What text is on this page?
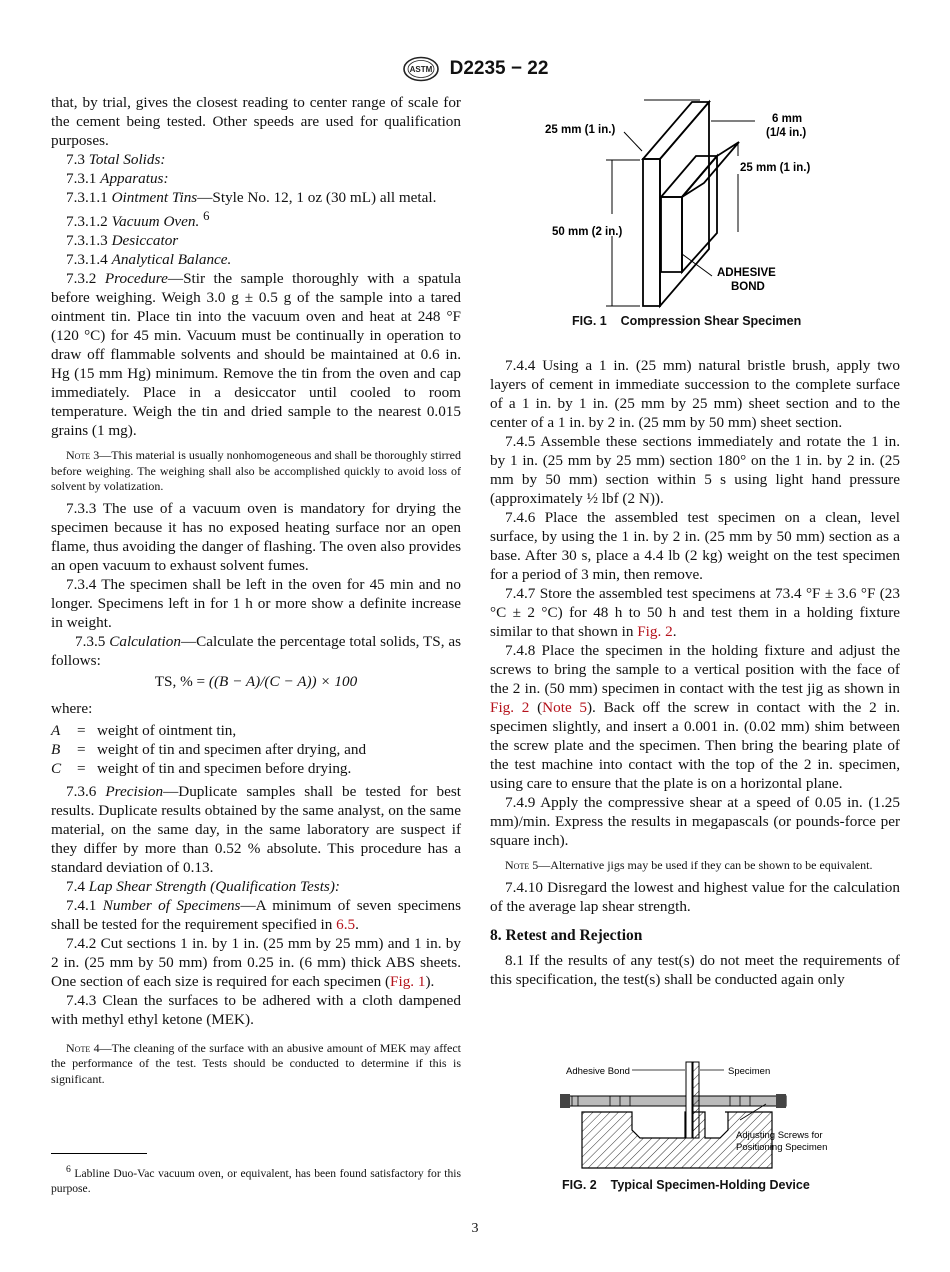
ASTM D2235 − 22

that, by trial, gives the closest reading to center range of scale for the cement being tested. Other speeds are used for qualification purposes.

7.3 Total Solids:

7.3.1 Apparatus:

7.3.1.1 Ointment Tins—Style No. 12, 1 oz (30 mL) all metal.

7.3.1.2 Vacuum Oven. $^6$

7.3.1.3 Desiccator

7.3.1.4 Analytical Balance.

7.3.2 Procedure—Stir the sample thoroughly with a spatula before weighing. Weigh 3.0 g ± 0.5 g of the sample into a tared ointment tin. Place tin into the vacuum oven and heat at 248 °F (120 °C) for 45 min. Vacuum must be continually in operation to draw off flammable solvents and should be maintained at 0.6 in. Hg (15 mm Hg) minimum. Remove the tin from the oven and cap immediately. Place in a desiccator until cooled to room temperature. Weigh the tin and dried sample to the nearest 0.015 grains (1 mg).

Note 3—This material is usually nonhomogeneous and shall be thoroughly stirred before weighing. The weighing shall also be accomplished quickly to avoid loss of solvent by volatization.

7.3.3 The use of a vacuum oven is mandatory for drying the specimen because it has no exposed heating surface nor an open flame, thus avoiding the danger of flashing. The oven also provides an open vacuum to exhaust solvent fumes.

7.3.4 The specimen shall be left in the oven for 45 min and no longer. Specimens left in for 1 h or more show a definite increase in weight.

7.3.5 Calculation—Calculate the percentage total solids, TS, as follows:

TS, % = ((B − A)/(C − A)) × 100

where:

A	= weight of ointment tin,
B	= weight of tin and specimen after drying, and
C	= weight of tin and specimen before drying.

7.3.6 Precision—Duplicate samples shall be tested for best results. Duplicate results obtained by the same analyst, on the same material, on the same day, in the same laboratory are suspect if they differ by more than 0.52 % absolute. This procedure has a standard deviation of 0.13.

7.4 Lap Shear Strength (Qualification Tests):

7.4.1 Number of Specimens—A minimum of seven specimens shall be tested for the requirement specified in 6.5.

7.4.2 Cut sections 1 in. by 1 in. (25 mm by 25 mm) and 1 in. by 2 in. (25 mm by 50 mm) from 0.25 in. (6 mm) thick ABS sheets. One section of each size is required for each specimen (Fig. 1).

7.4.3 Clean the surfaces to be adhered with a cloth dampened with methyl ethyl ketone (MEK).

Note 4—The cleaning of the surface with an abusive amount of MEK may affect the performance of the test. Tests should be conducted to determine if this is significant.

$^6$ Labline Duo-Vac vacuum oven, or equivalent, has been found satisfactory for this purpose.
25 mm (1 in.)
6 mm
(1/4 in.)
25 mm (1 in.)
50 mm (2 in.)
ADHESIVE
BOND
FIG. 1 Compression Shear Specimen

7.4.4 Using a 1 in. (25 mm) natural bristle brush, apply two layers of cement in immediate succession to the complete surface of a 1 in. by 1 in. (25 mm by 25 mm) sheet section and to the center of a 1 in. by 2 in. (25 mm by 50 mm) sheet section.

7.4.5 Assemble these sections immediately and rotate the 1 in. by 1 in. (25 mm by 25 mm) section 180° on the 1 in. by 2 in. (25 mm by 50 mm) section within 5 s using light hand pressure (approximately ½ lbf (2 N)).

7.4.6 Place the assembled test specimen on a clean, level surface, by using the 1 in. by 2 in. (25 mm by 50 mm) section as a base. After 30 s, place a 4.4 lb (2 kg) weight on the test specimen for a period of 3 min, then remove.

7.4.7 Store the assembled test specimens at 73.4 °F ± 3.6 °F (23 °C ± 2 °C) for 48 h to 50 h and test them in a holding fixture similar to that shown in Fig. 2.

7.4.8 Place the specimen in the holding fixture and adjust the screws to bring the sample to a vertical position with the face of the 2 in. (50 mm) specimen in contact with the test jig as shown in Fig. 2 (Note 5). Back off the screw in contact with the 2 in. specimen slightly, and insert a 0.001 in. (0.02 mm) shim between the screw plate and the specimen. Then bring the bearing plate of the test machine into contact with the top of the 2 in. specimen, using care to ensure that the plate is on a horizontal plane.

7.4.9 Apply the compressive shear at a speed of 0.05 in. (1.25 mm)/min. Express the results in megapascals (or pounds-force per square inch).

Note 5—Alternative jigs may be used if they can be shown to be equivalent.

7.4.10 Disregard the lowest and highest value for the calculation of the average lap shear strength.

8. Retest and Rejection

8.1 If the results of any test(s) do not meet the requirements of this specification, the test(s) shall be conducted again only

Adhesive Bond	Specimen
Adjusting Screws for
Positioning Specimen
FIG. 2 Typical Specimen-Holding Device
3
